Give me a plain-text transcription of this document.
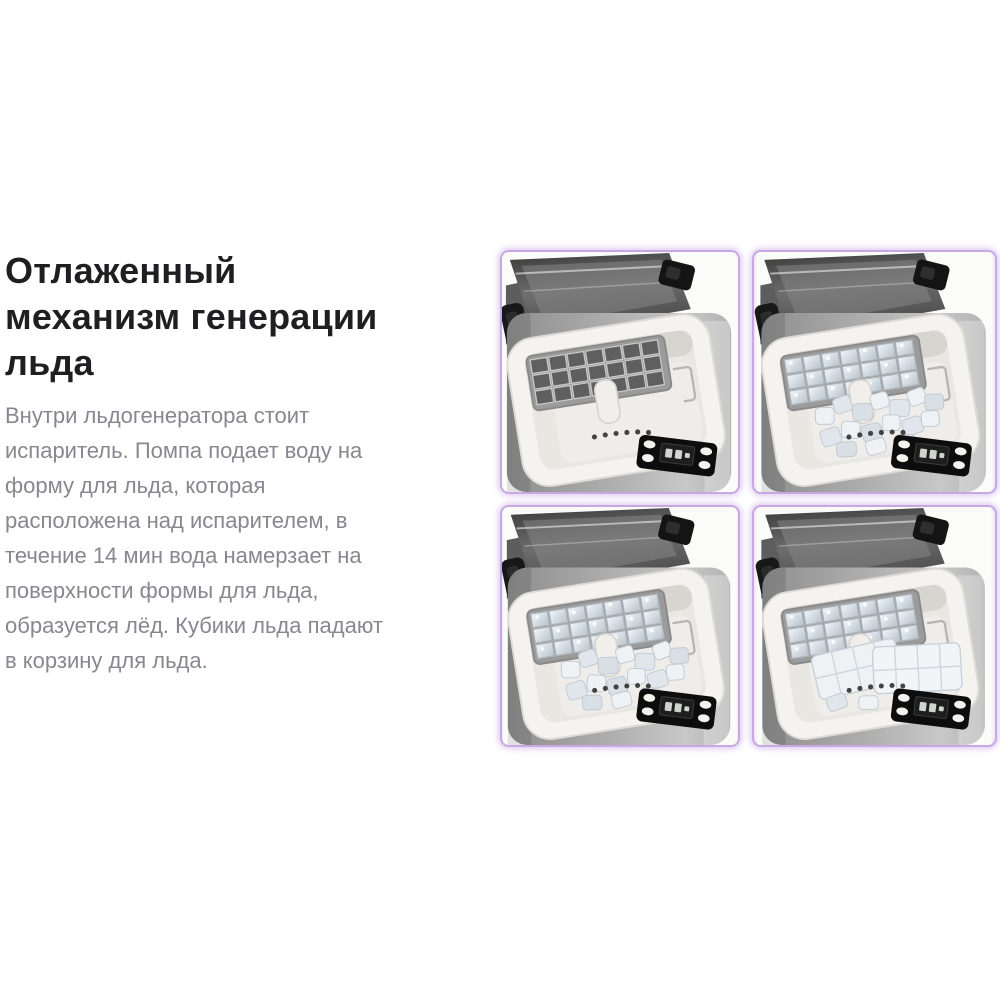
Отлаженный
механизм генерации
льда

Внутри льдогенератора стоит
испаритель. Помпа подает воду на
форму для льда, которая
расположена над испарителем, в
течение 14 мин вода намерзает на
поверхности формы для льда,
образуется лёд. Кубики льда падают
в корзину для льда.
